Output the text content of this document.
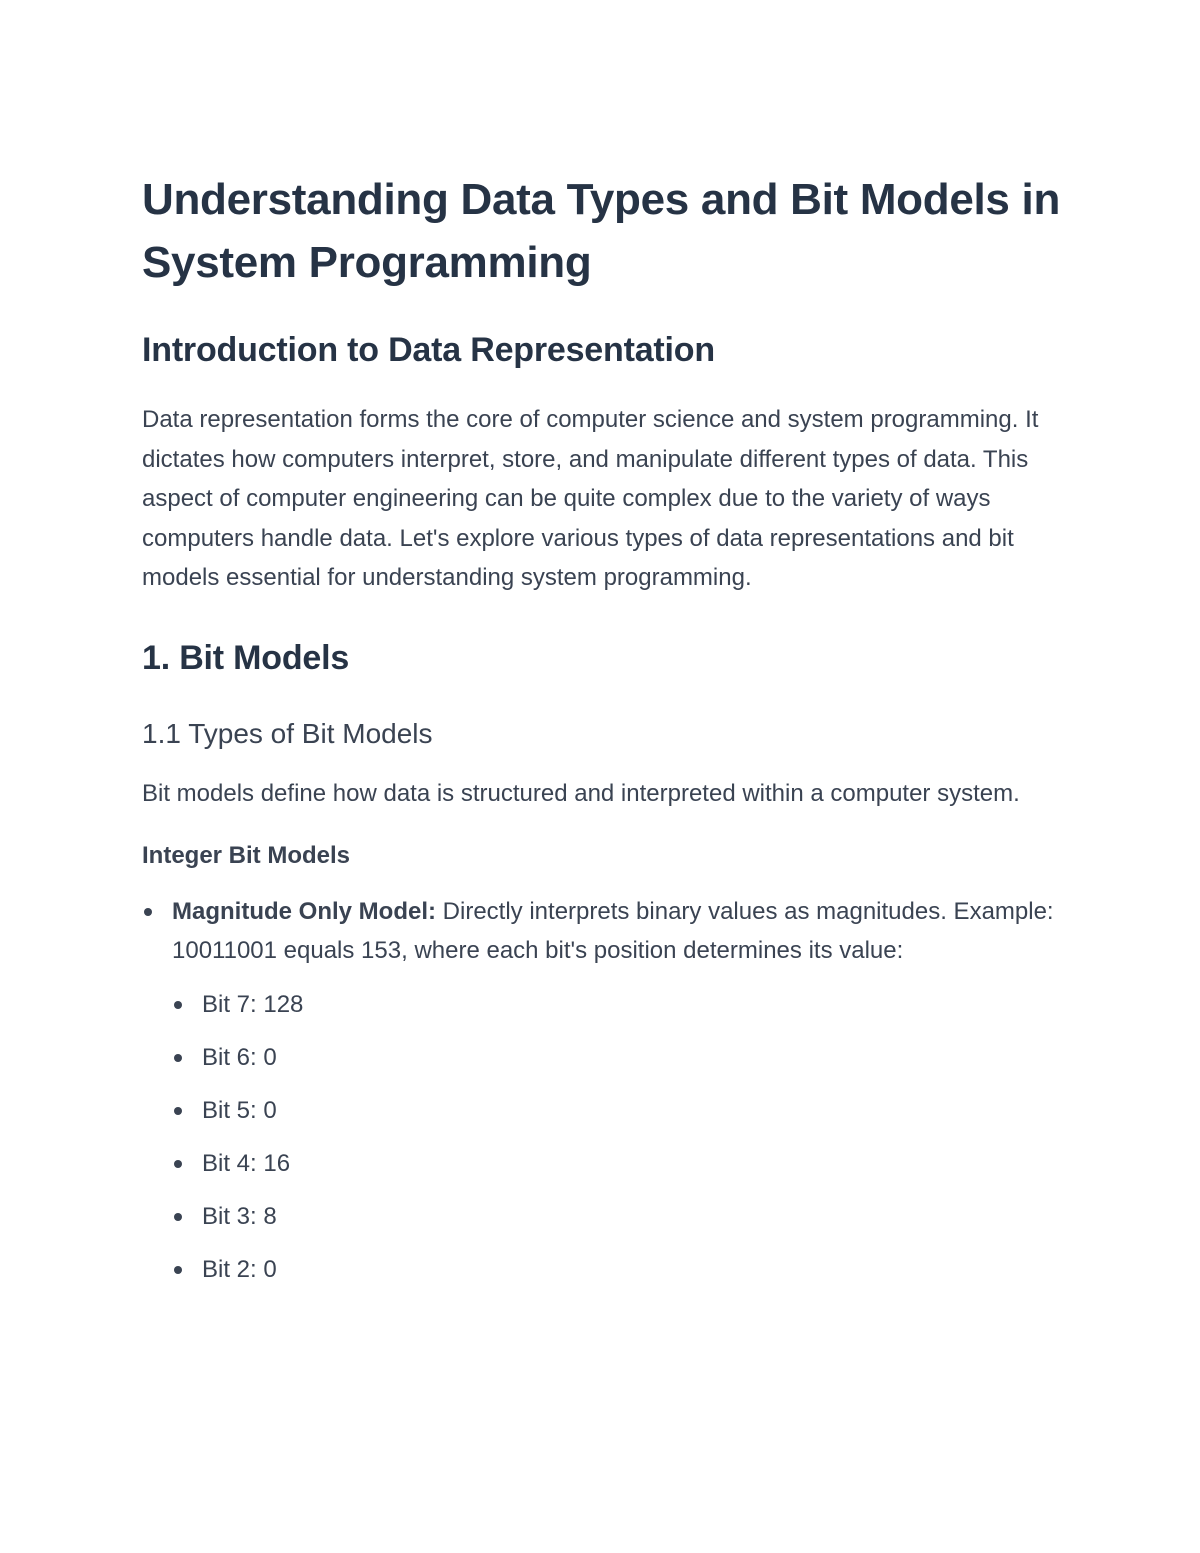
Understanding Data Types and Bit Models in System Programming
Introduction to Data Representation

Data representation forms the core of computer science and system programming. It dictates how computers interpret, store, and manipulate different types of data. This aspect of computer engineering can be quite complex due to the variety of ways computers handle data. Let's explore various types of data representations and bit models essential for understanding system programming.

1. Bit Models
1.1 Types of Bit Models

Bit models define how data is structured and interpreted within a computer system.

Integer Bit Models
Magnitude Only Model: Directly interprets binary values as magnitudes. Example: 10011001 equals 153, where each bit's position determines its value:
Bit 7: 128
Bit 6: 0
Bit 5: 0
Bit 4: 16
Bit 3: 8
Bit 2: 0
